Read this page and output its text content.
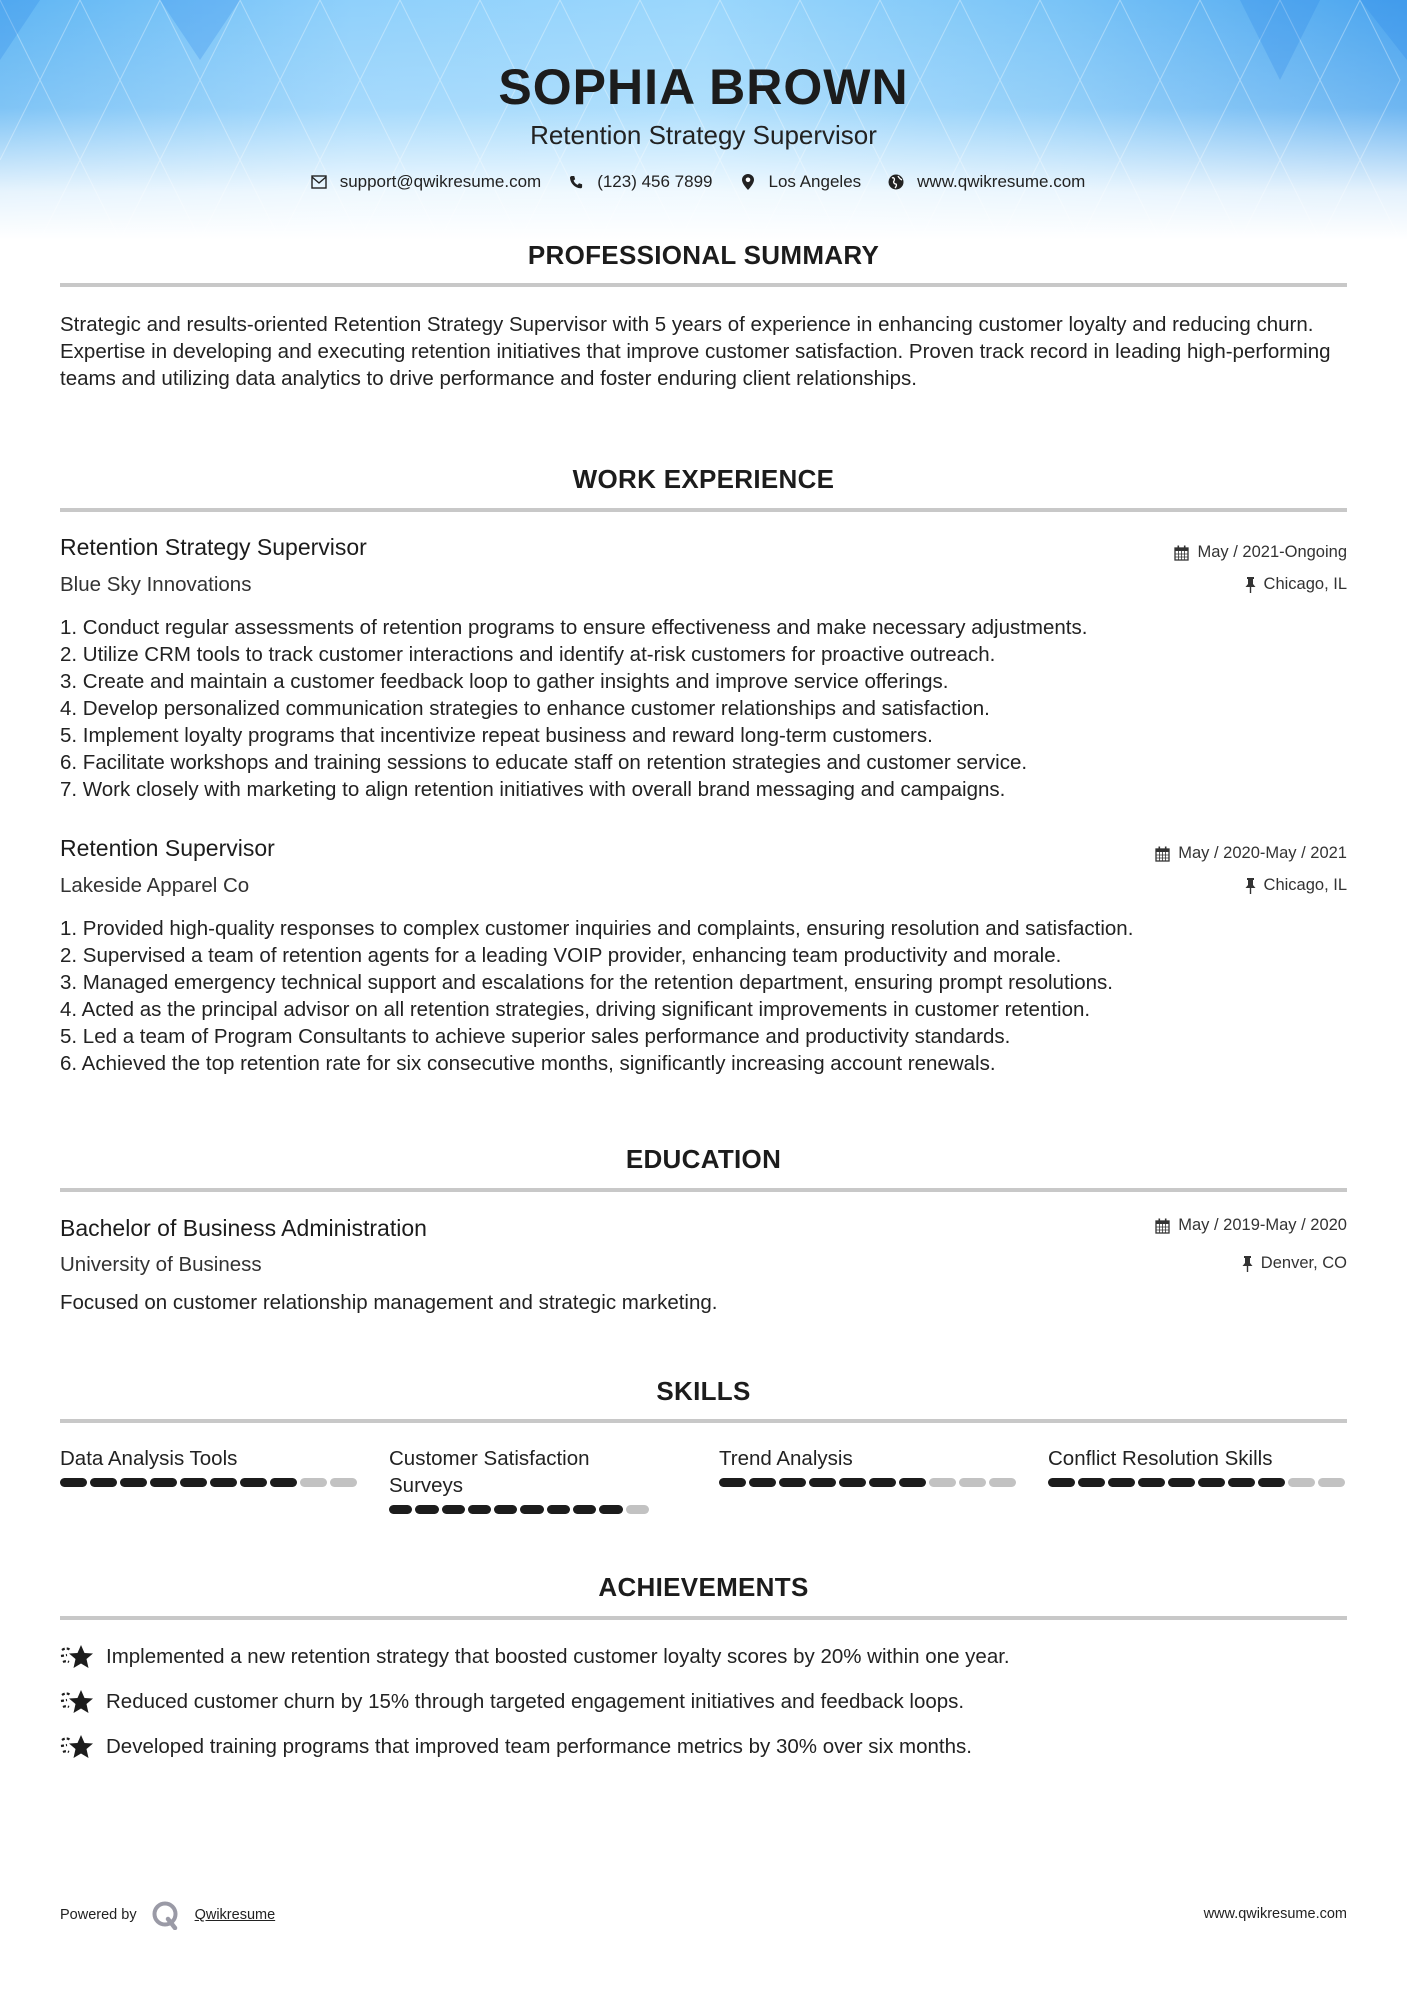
SOPHIA BROWN
Retention Strategy Supervisor
support@qwikresume.com	(123) 456 7899	Los Angeles	www.qwikresume.com
PROFESSIONAL SUMMARY
Strategic and results-oriented Retention Strategy Supervisor with 5 years of experience in enhancing customer loyalty and reducing churn. Expertise in developing and executing retention initiatives that improve customer satisfaction. Proven track record in leading high-performing teams and utilizing data analytics to drive performance and foster enduring client relationships.
WORK EXPERIENCE
Retention Strategy Supervisor	May / 2021-Ongoing
Blue Sky Innovations	Chicago, IL
1. Conduct regular assessments of retention programs to ensure effectiveness and make necessary adjustments.
2. Utilize CRM tools to track customer interactions and identify at-risk customers for proactive outreach.
3. Create and maintain a customer feedback loop to gather insights and improve service offerings.
4. Develop personalized communication strategies to enhance customer relationships and satisfaction.
5. Implement loyalty programs that incentivize repeat business and reward long-term customers.
6. Facilitate workshops and training sessions to educate staff on retention strategies and customer service.
7. Work closely with marketing to align retention initiatives with overall brand messaging and campaigns.
Retention Supervisor	May / 2020-May / 2021
Lakeside Apparel Co	Chicago, IL
1. Provided high-quality responses to complex customer inquiries and complaints, ensuring resolution and satisfaction.
2. Supervised a team of retention agents for a leading VOIP provider, enhancing team productivity and morale.
3. Managed emergency technical support and escalations for the retention department, ensuring prompt resolutions.
4. Acted as the principal advisor on all retention strategies, driving significant improvements in customer retention.
5. Led a team of Program Consultants to achieve superior sales performance and productivity standards.
6. Achieved the top retention rate for six consecutive months, significantly increasing account renewals.
EDUCATION
Bachelor of Business Administration	May / 2019-May / 2020
University of Business	Denver, CO
Focused on customer relationship management and strategic marketing.
SKILLS
Data Analysis Tools	Customer Satisfaction Surveys
Trend Analysis	Conflict Resolution Skills
ACHIEVEMENTS
Implemented a new retention strategy that boosted customer loyalty scores by 20% within one year.
Reduced customer churn by 15% through targeted engagement initiatives and feedback loops.
Developed training programs that improved team performance metrics by 30% over six months.
Powered by	Qwikresume	www.qwikresume.com
